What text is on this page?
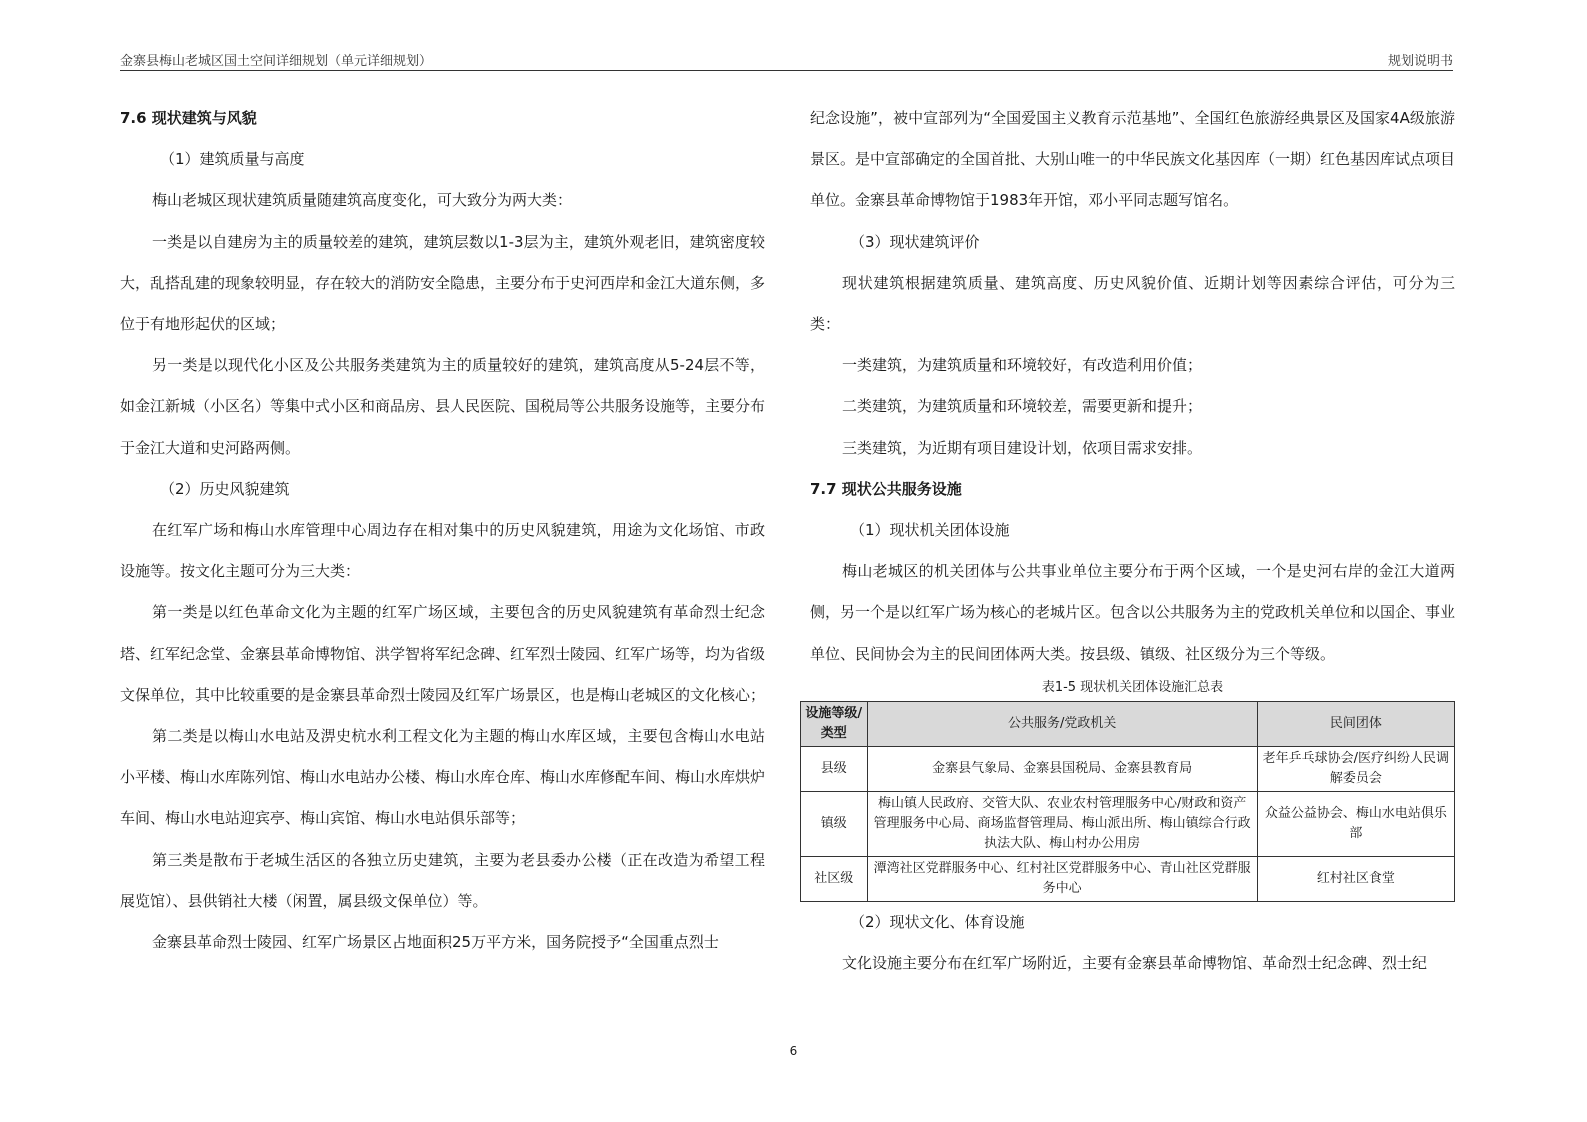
金寨县梅山老城区国土空间详细规划（单元详细规划）	规划说明书

7.6 现状建筑与风貌

（1）建筑质量与高度

梅山老城区现状建筑质量随建筑高度变化，可大致分为两大类：

一类是以自建房为主的质量较差的建筑，建筑层数以1-3层为主，建筑外观老旧，建筑密度较大，乱搭乱建的现象较明显，存在较大的消防安全隐患，主要分布于史河西岸和金江大道东侧，多位于有地形起伏的区域；

另一类是以现代化小区及公共服务类建筑为主的质量较好的建筑，建筑高度从5-24层不等，如金江新城（小区名）等集中式小区和商品房、县人民医院、国税局等公共服务设施等，主要分布于金江大道和史河路两侧。

（2）历史风貌建筑

在红军广场和梅山水库管理中心周边存在相对集中的历史风貌建筑，用途为文化场馆、市政设施等。按文化主题可分为三大类：

第一类是以红色革命文化为主题的红军广场区域，主要包含的历史风貌建筑有革命烈士纪念塔、红军纪念堂、金寨县革命博物馆、洪学智将军纪念碑、红军烈士陵园、红军广场等，均为省级文保单位，其中比较重要的是金寨县革命烈士陵园及红军广场景区，也是梅山老城区的文化核心；

第二类是以梅山水电站及淠史杭水利工程文化为主题的梅山水库区域，主要包含梅山水电站小平楼、梅山水库陈列馆、梅山水电站办公楼、梅山水库仓库、梅山水库修配车间、梅山水库烘炉车间、梅山水电站迎宾亭、梅山宾馆、梅山水电站俱乐部等；

第三类是散布于老城生活区的各独立历史建筑，主要为老县委办公楼（正在改造为希望工程展览馆）、县供销社大楼（闲置，属县级文保单位）等。

金寨县革命烈士陵园、红军广场景区占地面积25万平方米，国务院授予“全国重点烈士

纪念设施”，被中宣部列为“全国爱国主义教育示范基地”、全国红色旅游经典景区及国家4A级旅游景区。是中宣部确定的全国首批、大别山唯一的中华民族文化基因库（一期）红色基因库试点项目单位。金寨县革命博物馆于1983年开馆，邓小平同志题写馆名。

（3）现状建筑评价

现状建筑根据建筑质量、建筑高度、历史风貌价值、近期计划等因素综合评估，可分为三类：

一类建筑，为建筑质量和环境较好，有改造利用价值；

二类建筑，为建筑质量和环境较差，需要更新和提升；

三类建筑，为近期有项目建设计划，依项目需求安排。

7.7 现状公共服务设施

（1）现状机关团体设施

梅山老城区的机关团体与公共事业单位主要分布于两个区域，一个是史河右岸的金江大道两侧，另一个是以红军广场为核心的老城片区。包含以公共服务为主的党政机关单位和以国企、事业单位、民间协会为主的民间团体两大类。按县级、镇级、社区级分为三个等级。

表1-5 现状机关团体设施汇总表
设施等级/类型	公共服务/党政机关	民间团体
县级	金寨县气象局、金寨县国税局、金寨县教育局	老年乒乓球协会/医疗纠纷人民调解委员会
镇级	梅山镇人民政府、交管大队、农业农村管理服务中心/财政和资产管理服务中心局、商场监督管理局、梅山派出所、梅山镇综合行政执法大队、梅山村办公用房	众益公益协会、梅山水电站俱乐部
社区级	潭湾社区党群服务中心、红村社区党群服务中心、青山社区党群服务中心	红村社区食堂

（2）现状文化、体育设施

文化设施主要分布在红军广场附近，主要有金寨县革命博物馆、革命烈士纪念碑、烈士纪

6
